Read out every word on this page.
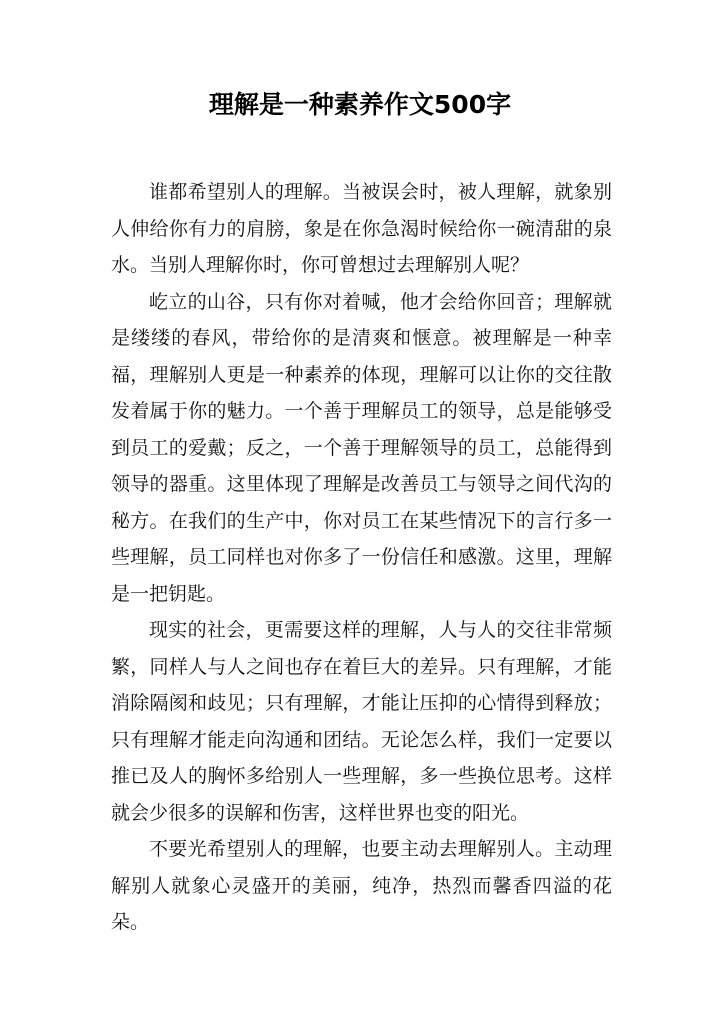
理解是一种素养作文500字

谁都希望别人的理解。当被误会时，被人理解，就象别人伸给你有力的肩膀，象是在你急渴时候给你一碗清甜的泉水。当别人理解你时，你可曾想过去理解别人呢？

屹立的山谷，只有你对着喊，他才会给你回音；理解就是缕缕的春风，带给你的是清爽和惬意。被理解是一种幸福，理解别人更是一种素养的体现，理解可以让你的交往散发着属于你的魅力。一个善于理解员工的领导，总是能够受到员工的爱戴；反之，一个善于理解领导的员工，总能得到领导的器重。这里体现了理解是改善员工与领导之间代沟的秘方。在我们的生产中，你对员工在某些情况下的言行多一些理解，员工同样也对你多了一份信任和感激。这里，理解是一把钥匙。

现实的社会，更需要这样的理解，人与人的交往非常频繁，同样人与人之间也存在着巨大的差异。只有理解，才能消除隔阂和歧见；只有理解，才能让压抑的心情得到释放；只有理解才能走向沟通和团结。无论怎么样，我们一定要以推已及人的胸怀多给别人一些理解，多一些换位思考。这样就会少很多的误解和伤害，这样世界也变的阳光。

不要光希望别人的理解，也要主动去理解别人。主动理解别人就象心灵盛开的美丽，纯净，热烈而馨香四溢的花朵。
